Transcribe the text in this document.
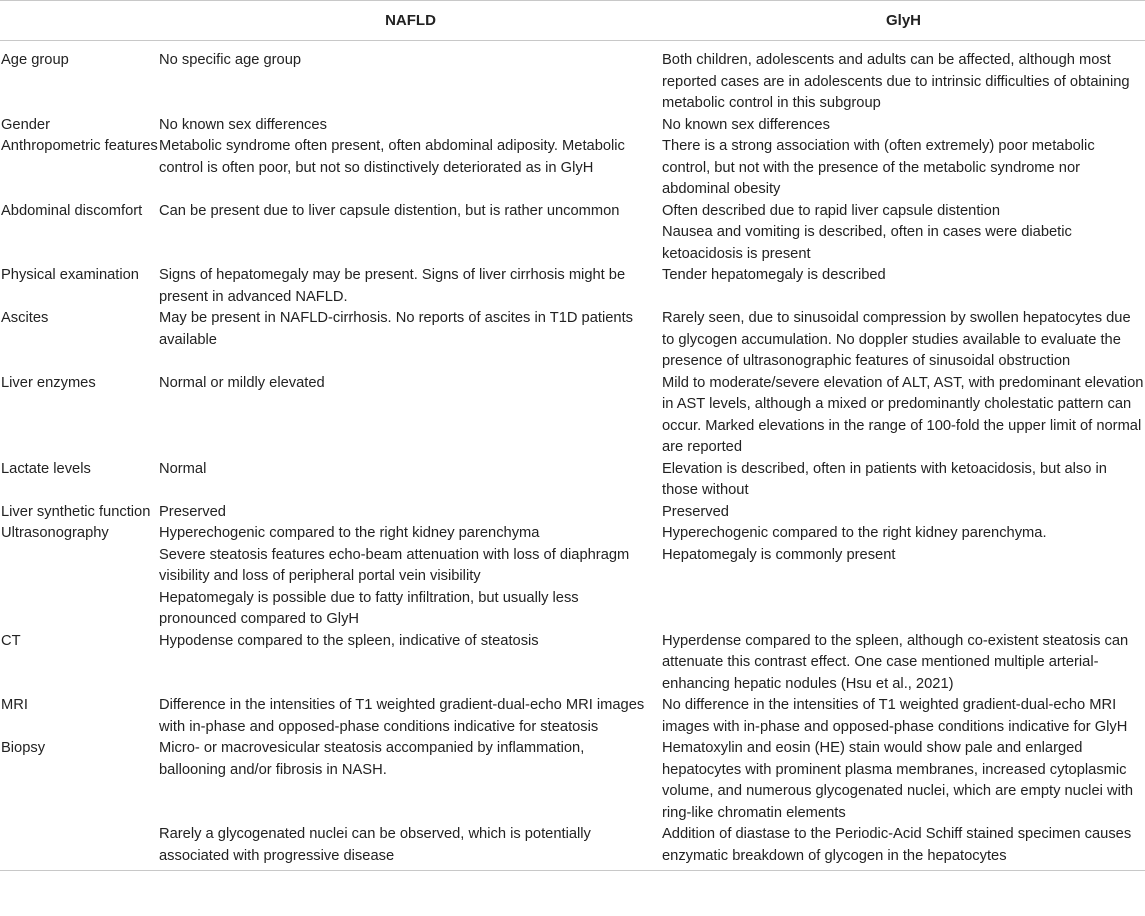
	NAFLD	GlyH
Age group	No specific age group	Both children, adolescents and adults can be affected, although most reported cases are in adolescents due to intrinsic difficulties of obtaining metabolic control in this subgroup

Gender	No known sex differences	No known sex differences

Anthropometric features	Metabolic syndrome often present, often abdominal adiposity. Metabolic control is often poor, but not so distinctively deteriorated as in GlyH	There is a strong association with (often extremely) poor metabolic control, but not with the presence of the metabolic syndrome nor abdominal obesity

Abdominal discomfort	Can be present due to liver capsule distention, but is rather uncommon	Often described due to rapid liver capsule distention
Nausea and vomiting is described, often in cases were diabetic ketoacidosis is present

Physical examination	Signs of hepatomegaly may be present. Signs of liver cirrhosis might be present in advanced NAFLD.	Tender hepatomegaly is described

Ascites	May be present in NAFLD-cirrhosis. No reports of ascites in T1D patients available	Rarely seen, due to sinusoidal compression by swollen hepatocytes due to glycogen accumulation. No doppler studies available to evaluate the presence of ultrasonographic features of sinusoidal obstruction

Liver enzymes	Normal or mildly elevated	Mild to moderate/severe elevation of ALT, AST, with predominant elevation in AST levels, although a mixed or predominantly cholestatic pattern can occur. Marked elevations in the range of 100-fold the upper limit of normal are reported

Lactate levels	Normal	Elevation is described, often in patients with ketoacidosis, but also in those without

Liver synthetic function	Preserved	Preserved

Ultrasonography	Hyperechogenic compared to the right kidney parenchyma
Severe steatosis features echo-beam attenuation with loss of diaphragm visibility and loss of peripheral portal vein visibility
Hepatomegaly is possible due to fatty infiltration, but usually less pronounced compared to GlyH	Hyperechogenic compared to the right kidney parenchyma.
Hepatomegaly is commonly present

CT	Hypodense compared to the spleen, indicative of steatosis	Hyperdense compared to the spleen, although co-existent steatosis can attenuate this contrast effect. One case mentioned multiple arterial-enhancing hepatic nodules (Hsu et al., 2021)

MRI	Difference in the intensities of T1 weighted gradient-dual-echo MRI images with in-phase and opposed-phase conditions indicative for steatosis	No difference in the intensities of T1 weighted gradient-dual-echo MRI images with in-phase and opposed-phase conditions indicative for GlyH

Biopsy	Micro- or macrovesicular steatosis accompanied by inflammation, ballooning and/or fibrosis in NASH.	Hematoxylin and eosin (HE) stain would show pale and enlarged hepatocytes with prominent plasma membranes, increased cytoplasmic volume, and numerous glycogenated nuclei, which are empty nuclei with ring-like chromatin elements

	Rarely a glycogenated nuclei can be observed, which is potentially associated with progressive disease	Addition of diastase to the Periodic-Acid Schiff stained specimen causes enzymatic breakdown of glycogen in the hepatocytes
